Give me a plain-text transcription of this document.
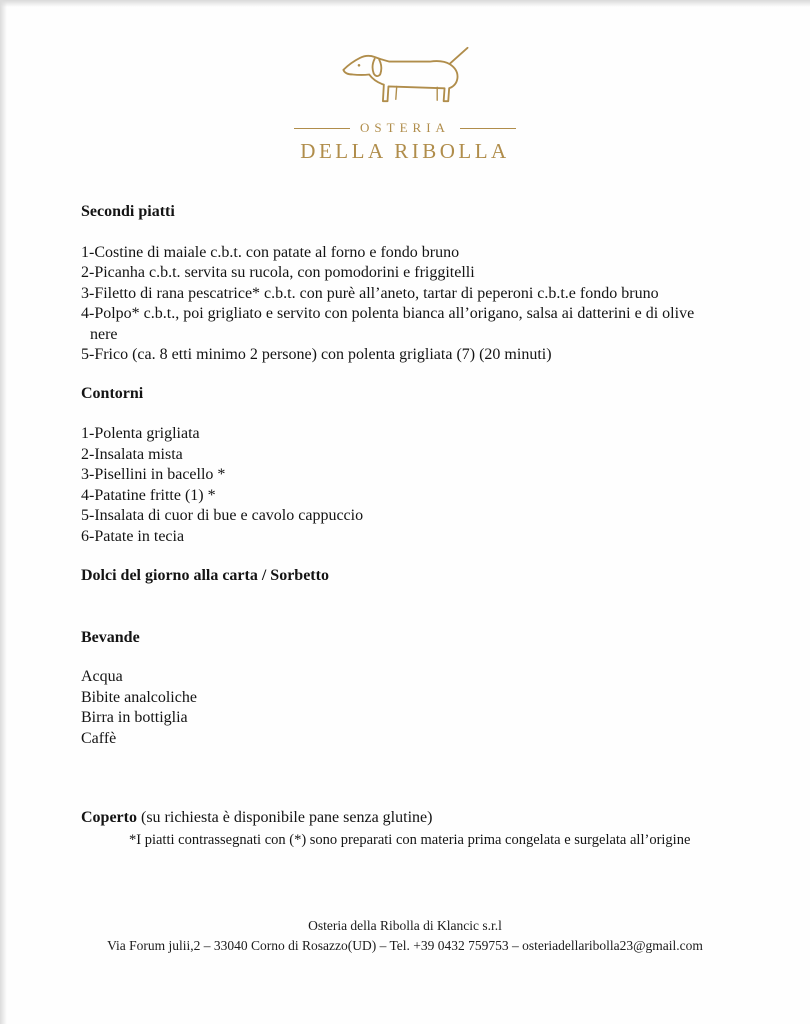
OSTERIA
DELLA RIBOLLA
Secondi piatti
1-Costine di maiale c.b.t. con patate al forno e fondo bruno
2-Picanha c.b.t. servita su rucola, con pomodorini e friggitelli
3-Filetto di rana pescatrice* c.b.t. con purè all’aneto, tartar di peperoni c.b.t.e fondo bruno
4-Polpo* c.b.t., poi grigliato e servito con polenta bianca all’origano, salsa ai datterini e di olive nere
5-Frico (ca. 8 etti minimo 2 persone) con polenta grigliata (7) (20 minuti)
Contorni
1-Polenta grigliata
2-Insalata mista
3-Pisellini in bacello *
4-Patatine fritte (1) *
5-Insalata di cuor di bue e cavolo cappuccio
6-Patate in tecia
Dolci del giorno alla carta / Sorbetto
Bevande
Acqua
Bibite analcoliche
Birra in bottiglia
Caffè
Coperto (su richiesta è disponibile pane senza glutine)
*I piatti contrassegnati con (*) sono preparati con materia prima congelata e surgelata all’origine
Osteria della Ribolla di Klancic s.r.l
Via Forum julii,2 – 33040 Corno di Rosazzo(UD) – Tel. +39 0432 759753 – osteriadellaribolla23@gmail.com
